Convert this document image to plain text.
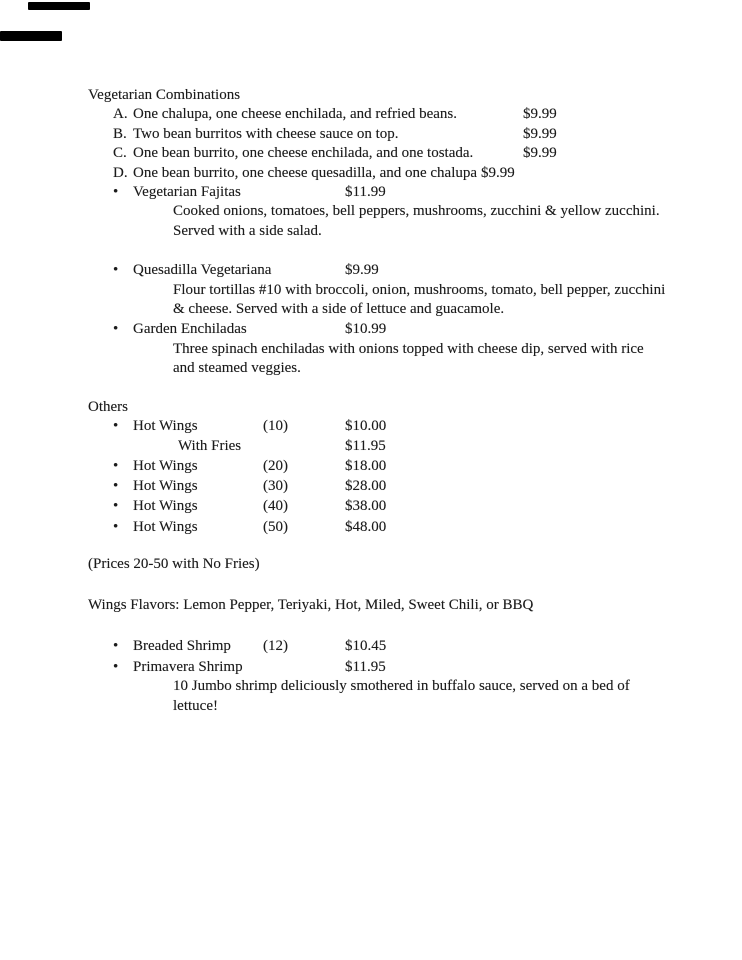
Vegetarian Combinations
A. One chalupa, one cheese enchilada, and refried beans.	$9.99
B. Two bean burritos with cheese sauce on top.	$9.99
C. One bean burrito, one cheese enchilada, and one tostada.	$9.99
D. One bean burrito, one cheese quesadilla, and one chalupa $9.99
• Vegetarian Fajitas	$11.99
Cooked onions, tomatoes, bell peppers, mushrooms, zucchini & yellow zucchini.
Served with a side salad.
• Quesadilla Vegetariana	$9.99
Flour tortillas #10 with broccoli, onion, mushrooms, tomato, bell pepper, zucchini
& cheese. Served with a side of lettuce and guacamole.
• Garden Enchiladas	$10.99
Three spinach enchiladas with onions topped with cheese dip, served with rice
and steamed veggies.
Others
• Hot Wings	(10)	$10.00
With Fries	$11.95
• Hot Wings	(20)	$18.00
• Hot Wings	(30)	$28.00
• Hot Wings	(40)	$38.00
• Hot Wings	(50)	$48.00
(Prices 20-50 with No Fries)
Wings Flavors: Lemon Pepper, Teriyaki, Hot, Miled, Sweet Chili, or BBQ
• Breaded Shrimp (12)	$10.45
• Primavera Shrimp	$11.95
10 Jumbo shrimp deliciously smothered in buffalo sauce, served on a bed of
lettuce!
